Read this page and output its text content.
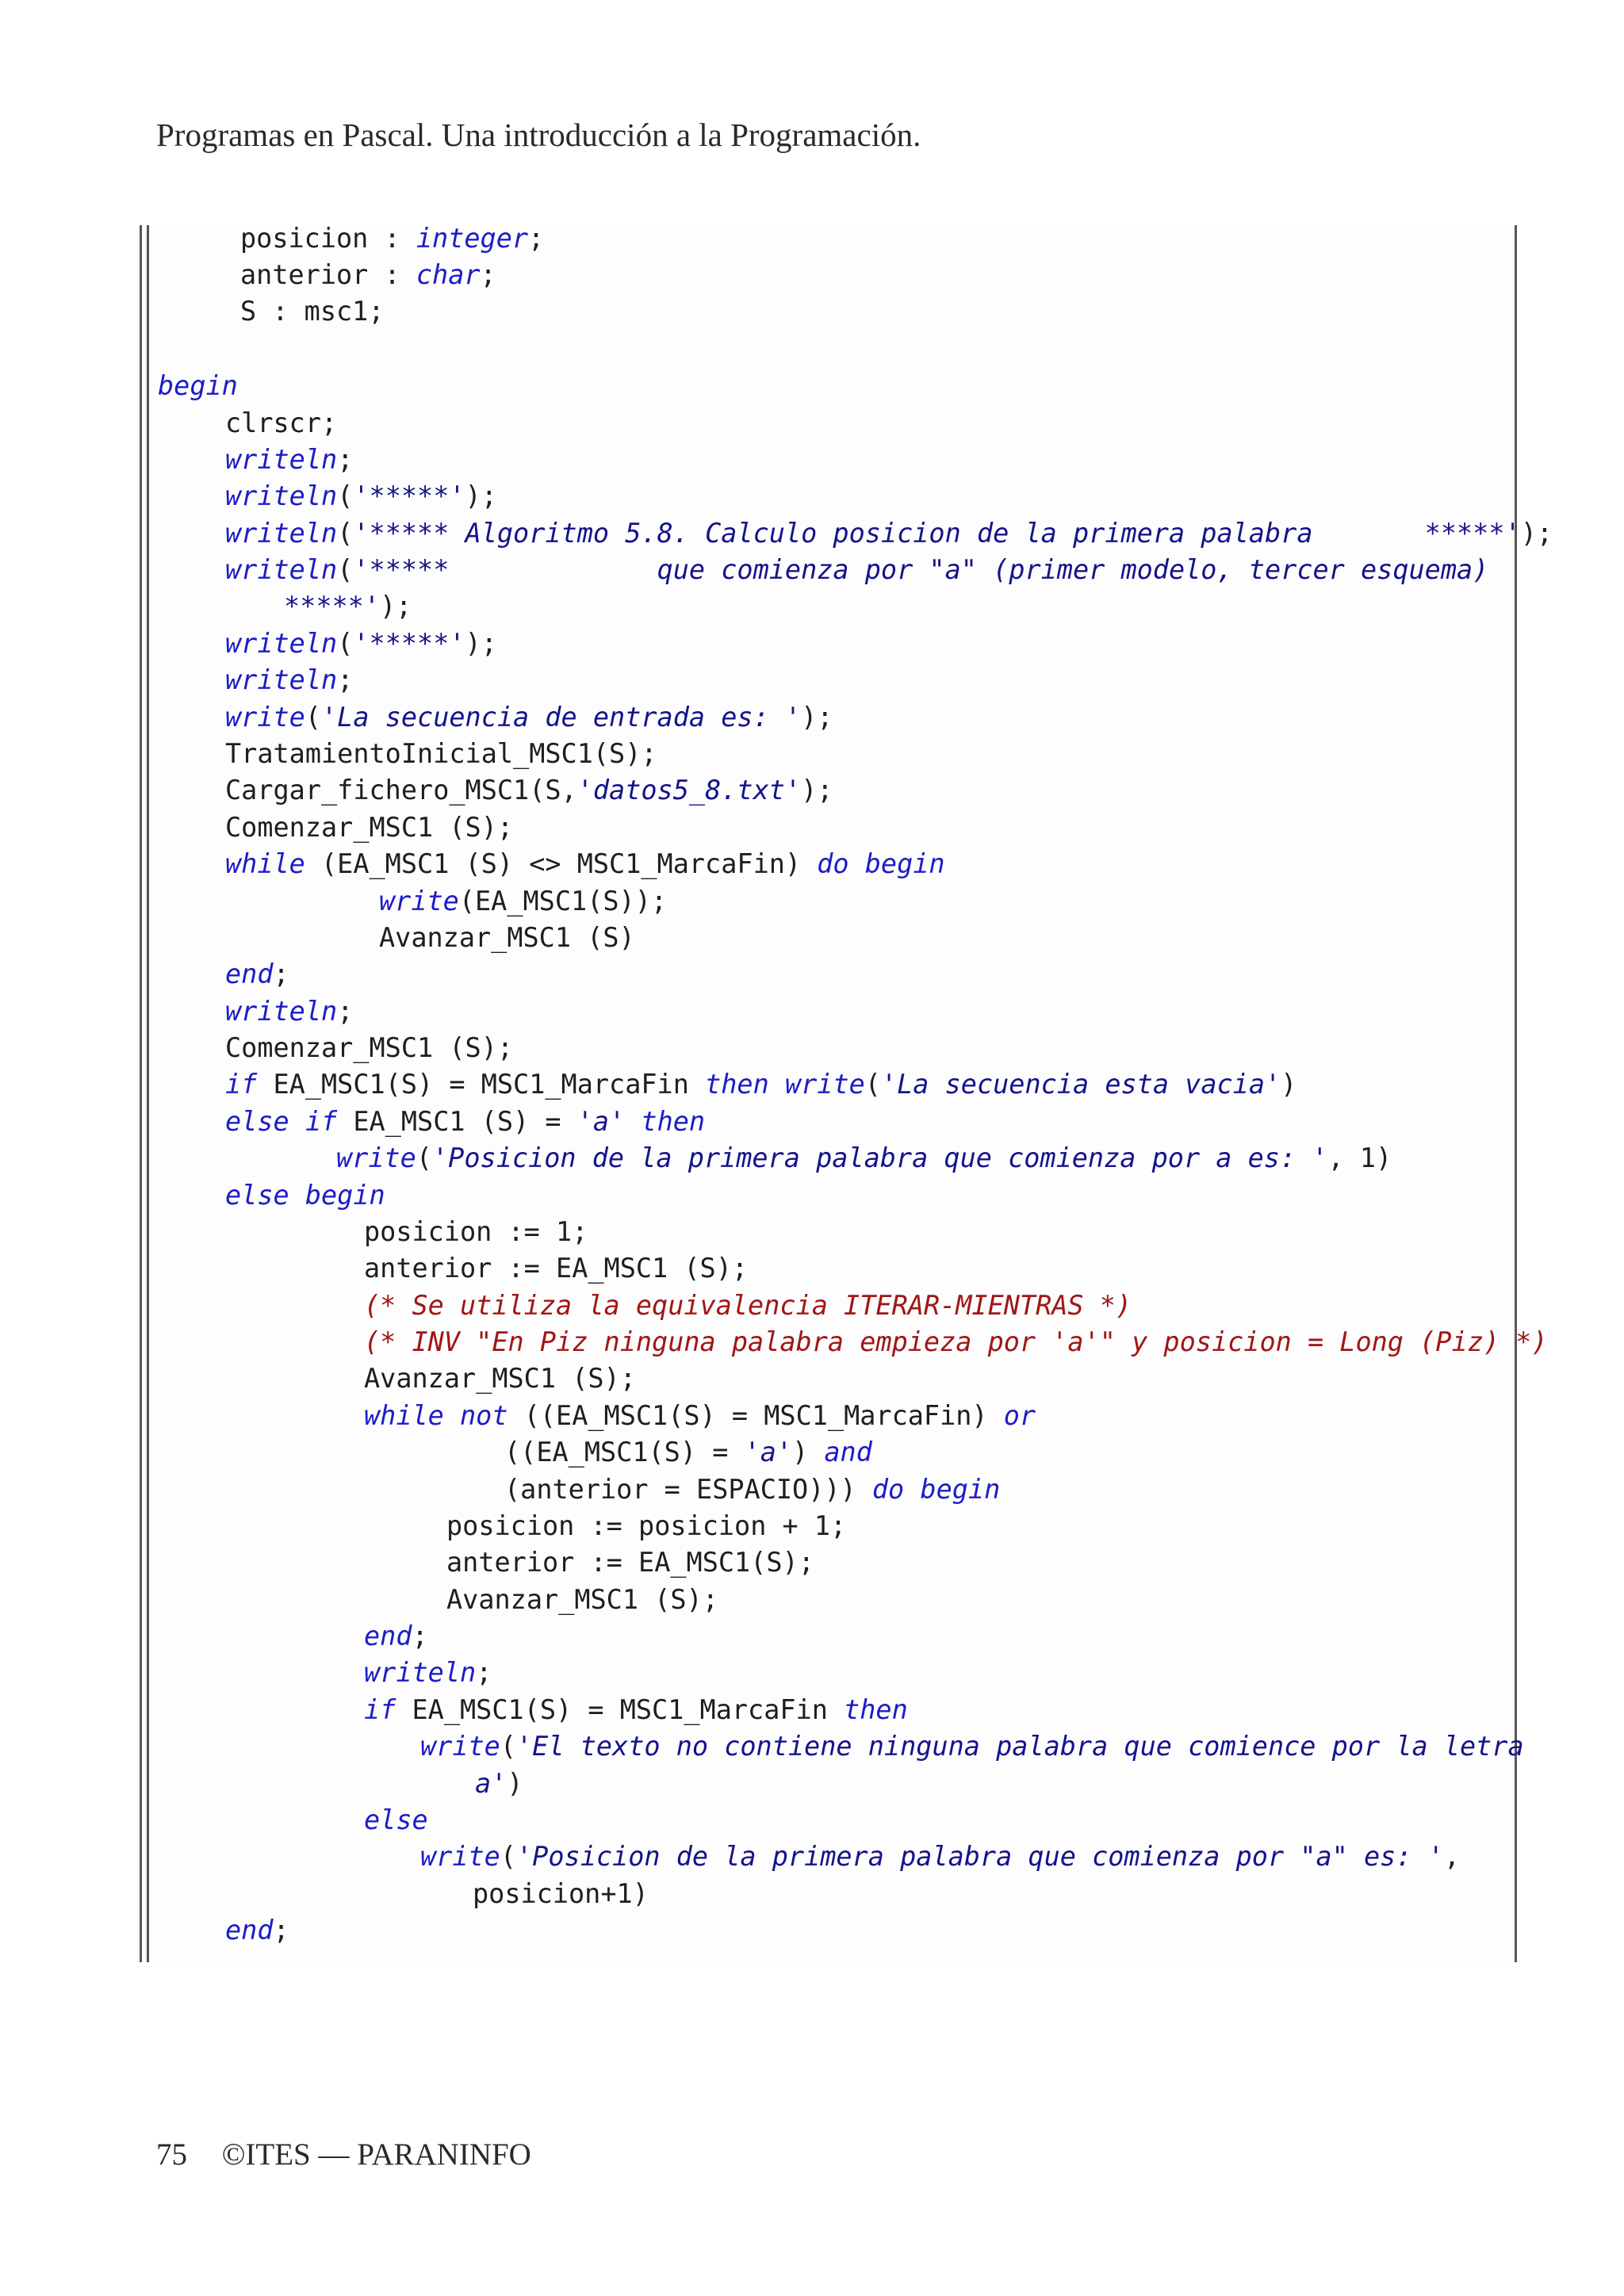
Programas en Pascal. Una introducción a la Programación.
posicion : integer;
anterior : char;
S : msc1;
begin
clrscr;
writeln;
writeln('*****');
writeln('***** Algoritmo 5.8. Calculo posicion de la primera palabra       *****');
writeln('*****             que comienza por "a" (primer modelo, tercer esquema)
*****');
writeln('*****');
writeln;
write('La secuencia de entrada es: ');
TratamientoInicial_MSC1(S);
Cargar_fichero_MSC1(S,'datos5_8.txt');
Comenzar_MSC1 (S);
while (EA_MSC1 (S) <> MSC1_MarcaFin) do begin
write(EA_MSC1(S));
Avanzar_MSC1 (S)
end;
writeln;
Comenzar_MSC1 (S);
if EA_MSC1(S) = MSC1_MarcaFin then write('La secuencia esta vacia')
else if EA_MSC1 (S) = 'a' then
write('Posicion de la primera palabra que comienza por a es: ', 1)
else begin
posicion := 1;
anterior := EA_MSC1 (S);
(* Se utiliza la equivalencia ITERAR-MIENTRAS *)
(* INV "En Piz ninguna palabra empieza por 'a'" y posicion = Long (Piz) *)
Avanzar_MSC1 (S);
while not ((EA_MSC1(S) = MSC1_MarcaFin) or
((EA_MSC1(S) = 'a') and
(anterior = ESPACIO))) do begin
posicion := posicion + 1;
anterior := EA_MSC1(S);
Avanzar_MSC1 (S);
end;
writeln;
if EA_MSC1(S) = MSC1_MarcaFin then
write('El texto no contiene ninguna palabra que comience por la letra
a')
else
write('Posicion de la primera palabra que comienza por "a" es: ',
posicion+1)
end;
75 ©ITES — PARANINFO
